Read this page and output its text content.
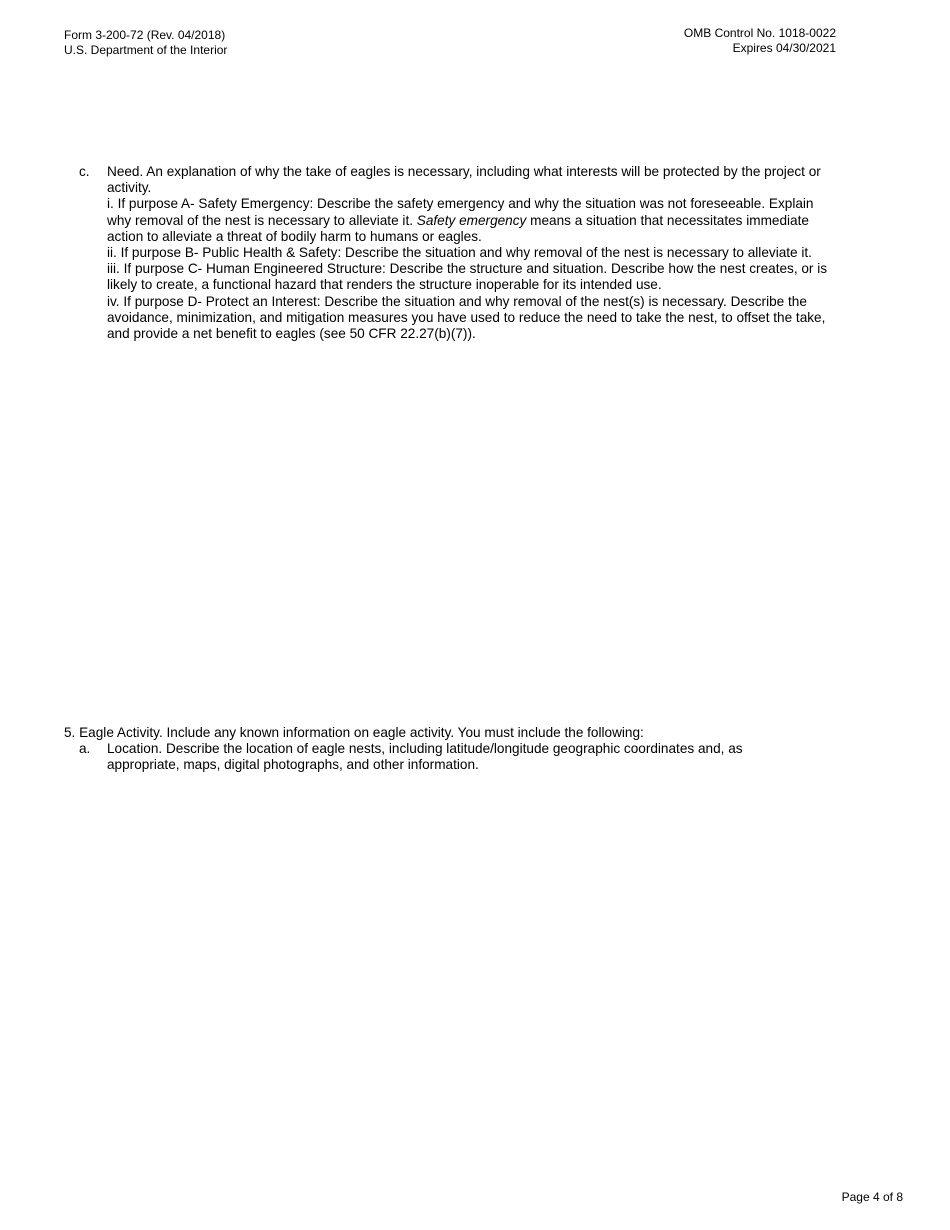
Form 3-200-72 (Rev. 04/2018)
U.S. Department of the Interior
OMB Control No. 1018-0022
Expires 04/30/2021
c. Need. An explanation of why the take of eagles is necessary, including what interests will be protected by the project or activity.
i. If purpose A- Safety Emergency: Describe the safety emergency and why the situation was not foreseeable. Explain why removal of the nest is necessary to alleviate it. Safety emergency means a situation that necessitates immediate action to alleviate a threat of bodily harm to humans or eagles.
ii. If purpose B- Public Health & Safety: Describe the situation and why removal of the nest is necessary to alleviate it.
iii. If purpose C- Human Engineered Structure: Describe the structure and situation. Describe how the nest creates, or is likely to create, a functional hazard that renders the structure inoperable for its intended use.
iv. If purpose D- Protect an Interest: Describe the situation and why removal of the nest(s) is necessary. Describe the avoidance, minimization, and mitigation measures you have used to reduce the need to take the nest, to offset the take, and provide a net benefit to eagles (see 50 CFR 22.27(b)(7)).
5. Eagle Activity. Include any known information on eagle activity. You must include the following:
a. Location. Describe the location of eagle nests, including latitude/longitude geographic coordinates and, as appropriate, maps, digital photographs, and other information.
Page 4 of 8
